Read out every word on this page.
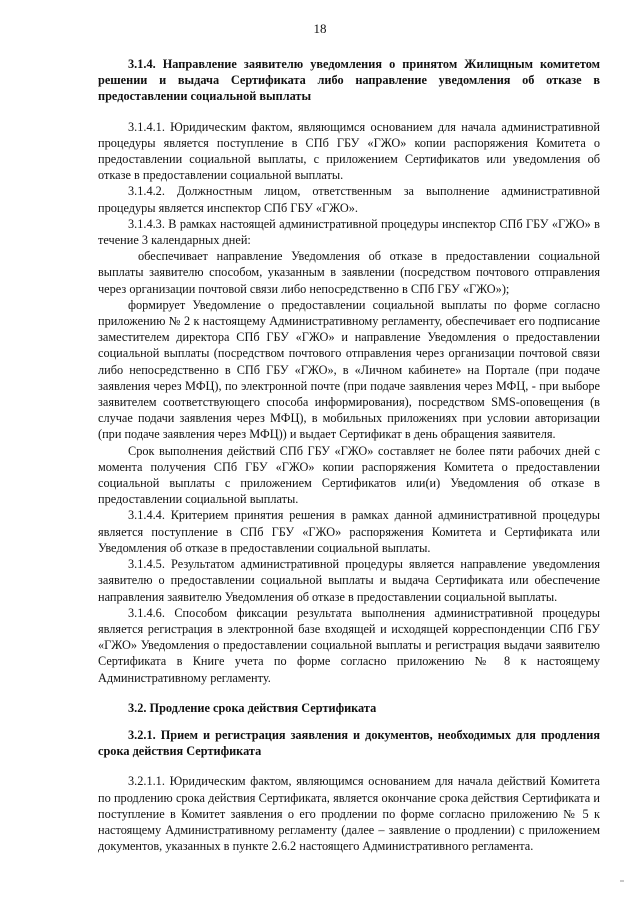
18

3.1.4. Направление заявителю уведомления о принятом Жилищным комитетом решении и выдача Сертификата либо направление уведомления об отказе в предоставлении социальной выплаты

3.1.4.1. Юридическим фактом, являющимся основанием для начала административной процедуры является поступление в СПб ГБУ «ГЖО» копии распоряжения Комитета о предоставлении социальной выплаты, с приложением Сертификатов или уведомления об отказе в предоставлении социальной выплаты.

3.1.4.2. Должностным лицом, ответственным за выполнение административной процедуры является инспектор СПб ГБУ «ГЖО».

3.1.4.3. В рамках настоящей административной процедуры инспектор СПб ГБУ «ГЖО» в течение 3 календарных дней:

обеспечивает направление Уведомления об отказе в предоставлении социальной выплаты заявителю способом, указанным в заявлении (посредством почтового отправления через организации почтовой связи либо непосредственно в СПб ГБУ «ГЖО»);

формирует Уведомление о предоставлении социальной выплаты по форме согласно приложению № 2 к настоящему Административному регламенту, обеспечивает его подписание заместителем директора СПб ГБУ «ГЖО» и направление Уведомления о предоставлении социальной выплаты (посредством почтового отправления через организации почтовой связи либо непосредственно в СПб ГБУ «ГЖО», в «Личном кабинете» на Портале (при подаче заявления через МФЦ), по электронной почте (при подаче заявления через МФЦ, - при выборе заявителем соответствующего способа информирования), посредством SMS-оповещения (в случае подачи заявления через МФЦ), в мобильных приложениях при условии авторизации (при подаче заявления через МФЦ)) и выдает Сертификат в день обращения заявителя.

Срок выполнения действий СПб ГБУ «ГЖО» составляет не более пяти рабочих дней с момента получения СПб ГБУ «ГЖО» копии распоряжения Комитета о предоставлении социальной выплаты с приложением Сертификатов или(и) Уведомления об отказе в предоставлении социальной выплаты.

3.1.4.4. Критерием принятия решения в рамках данной административной процедуры является поступление в СПб ГБУ «ГЖО» распоряжения Комитета и Сертификата или Уведомления об отказе в предоставлении социальной выплаты.

3.1.4.5. Результатом административной процедуры является направление уведомления заявителю о предоставлении социальной выплаты и выдача Сертификата или обеспечение направления заявителю Уведомления об отказе в предоставлении социальной выплаты.

3.1.4.6. Способом фиксации результата выполнения административной процедуры является регистрация в электронной базе входящей и исходящей корреспонденции СПб ГБУ «ГЖО» Уведомления о предоставлении социальной выплаты и регистрация выдачи заявителю Сертификата в Книге учета по форме согласно приложению № 8 к настоящему Административному регламенту.

3.2. Продление срока действия Сертификата

3.2.1. Прием и регистрация заявления и документов, необходимых для продления срока действия Сертификата

3.2.1.1. Юридическим фактом, являющимся основанием для начала действий Комитета по продлению срока действия Сертификата, является окончание срока действия Сертификата и поступление в Комитет заявления о его продлении по форме согласно приложению № 5 к настоящему Административному регламенту (далее – заявление о продлении) с приложением документов, указанных в пункте 2.6.2 настоящего Административного регламента.
